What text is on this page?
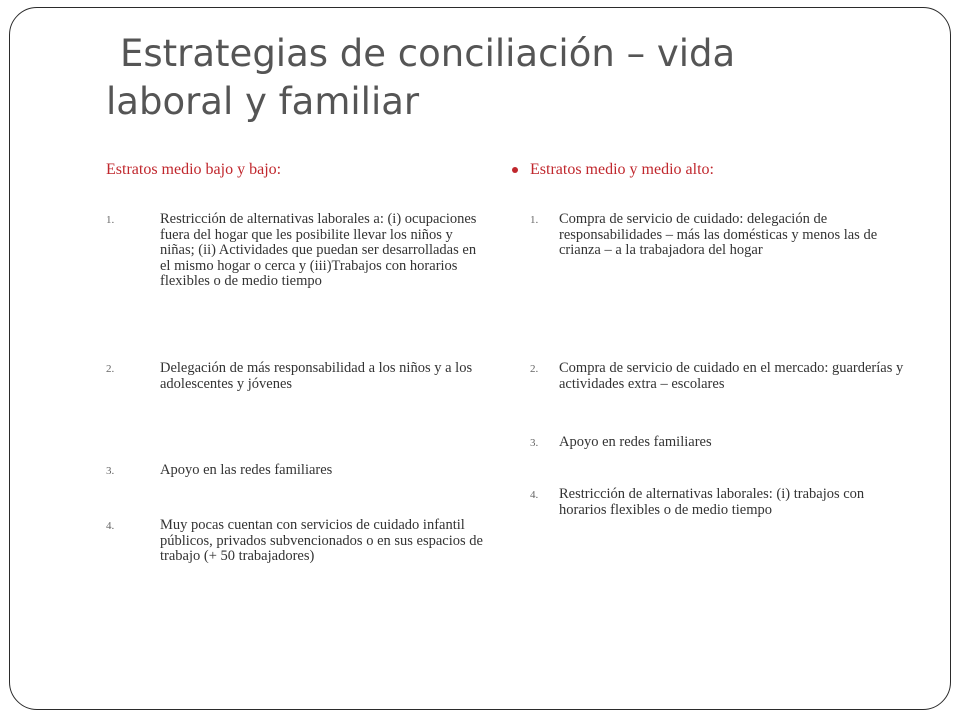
Estrategias de conciliación – vida
laboral y familiar

Estratos medio bajo y bajo:

1.	Restricción de alternativas laborales a: (i) ocupaciones fuera del hogar que les posibilite llevar los niños y niñas; (ii) Actividades que puedan ser desarrolladas en el mismo hogar o cerca y (iii)Trabajos con horarios flexibles o de medio tiempo
2.	Delegación de más responsabilidad a los niños y a los adolescentes y jóvenes
3.	Apoyo en las redes familiares
4.	Muy pocas cuentan con servicios de cuidado infantil públicos, privados subvencionados o en sus espacios de trabajo (+ 50 trabajadores)

Estratos medio y medio alto:

1. Compra de servicio de cuidado: delegación de responsabilidades – más las domésticas y menos las de crianza – a la trabajadora del hogar
2. Compra de servicio de cuidado en el mercado: guarderías y actividades extra – escolares
3. Apoyo en redes familiares
4. Restricción de alternativas laborales: (i) trabajos con horarios flexibles o de medio tiempo
